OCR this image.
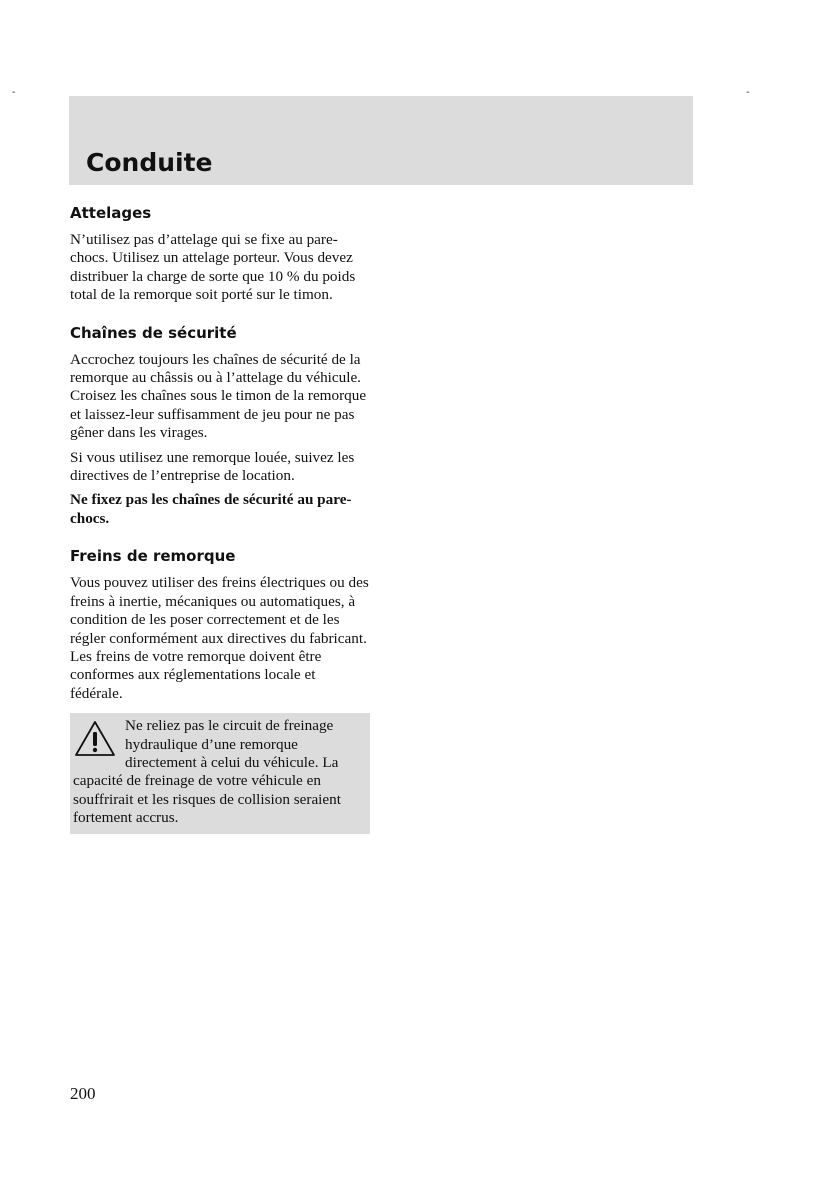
-	-
Conduite
Attelages

N’utilisez pas d’attelage qui se fixe au pare-chocs. Utilisez un attelage porteur. Vous devez distribuer la charge de sorte que 10 % du poids total de la remorque soit porté sur le timon.

Chaînes de sécurité

Accrochez toujours les chaînes de sécurité de la remorque au châssis ou à l’attelage du véhicule. Croisez les chaînes sous le timon de la remorque et laissez-leur suffisamment de jeu pour ne pas gêner dans les virages.

Si vous utilisez une remorque louée, suivez les directives de l’entreprise de location.

Ne fixez pas les chaînes de sécurité au pare-chocs.

Freins de remorque

Vous pouvez utiliser des freins électriques ou des freins à inertie, mécaniques ou automatiques, à condition de les poser correctement et de les régler conformément aux directives du fabricant. Les freins de votre remorque doivent être conformes aux réglementations locale et fédérale.

Ne reliez pas le circuit de freinage hydraulique d’une remorque directement à celui du véhicule. La capacité de freinage de votre véhicule en souffrirait et les risques de collision seraient fortement accrus.

200
